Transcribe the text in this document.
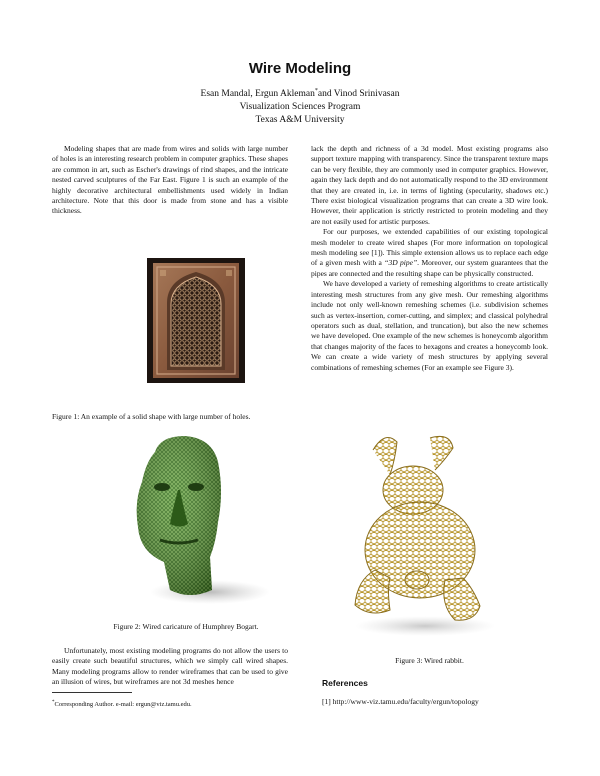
Wire Modeling
Esan Mandal, Ergun Akleman*and Vinod Srinivasan
Visualization Sciences Program
Texas A&M University

Modeling shapes that are made from wires and solids with large number of holes is an interesting research problem in computer graphics. These shapes are common in art, such as Escher's drawings of rind shapes, and the intricate nested carved sculptures of the Far East. Figure 1 is such an example of the highly decorative architectural embellishments used widely in Indian architecture. Note that this door is made from stone and has a visible thickness.

Figure 1: An example of a solid shape with large number of holes.
Figure 2: Wired caricature of Humphrey Bogart.

Unfortunately, most existing modeling programs do not allow the users to easily create such beautiful structures, which we simply call wired shapes. Many modeling programs allow to render wireframes that can be used to give an illusion of wires, but wireframes are not 3d meshes hence

*Corresponding Author. e-mail: ergun@viz.tamu.edu.

lack the depth and richness of a 3d model. Most existing programs also support texture mapping with transparency. Since the transparent texture maps can be very flexible, they are commonly used in computer graphics. However, again they lack depth and do not automatically respond to the 3D environment that they are created in, i.e. in terms of lighting (specularity, shadows etc.) There exist biological visualization programs that can create a 3D wire look. However, their application is strictly restricted to protein modeling and they are not easily used for artistic purposes.

For our purposes, we extended capabilities of our existing topological mesh modeler to create wired shapes (For more information on topological mesh modeling see [1]). This simple extension allows us to replace each edge of a given mesh with a “3D pipe”. Moreover, our system guarantees that the pipes are connected and the resulting shape can be physically constructed.

We have developed a variety of remeshing algorithms to create artistically interesting mesh structures from any give mesh. Our remeshing algorithms include not only well-known remeshing schemes (i.e. subdivision schemes such as vertex-insertion, corner-cutting, and simplex; and classical polyhedral operators such as dual, stellation, and truncation), but also the new schemes we have developed. One example of the new schemes is honeycomb algorithm that changes majority of the faces to hexagons and creates a honeycomb look. We can create a wide variety of mesh structures by applying several combinations of remeshing schemes (For an example see Figure 3).

Figure 3: Wired rabbit.
References
[1] http://www-viz.tamu.edu/faculty/ergun/topology
